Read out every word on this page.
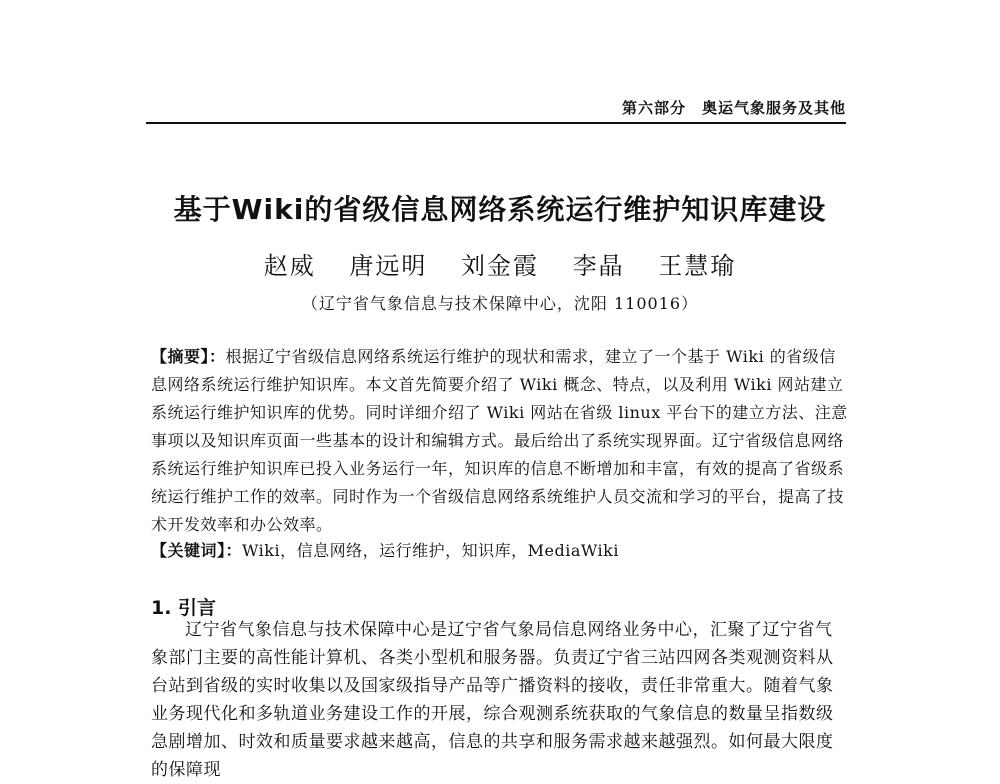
第六部分 奥运气象服务及其他
基于Wiki的省级信息网络系统运行维护知识库建设
赵威 唐远明 刘金霞 李晶 王慧瑜
（辽宁省气象信息与技术保障中心，沈阳 110016）
【摘要】：根据辽宁省级信息网络系统运行维护的现状和需求，建立了一个基于 Wiki 的省级信息网络系统运行维护知识库。本文首先简要介绍了 Wiki 概念、特点，以及利用 Wiki 网站建立系统运行维护知识库的优势。同时详细介绍了 Wiki 网站在省级 linux 平台下的建立方法、注意事项以及知识库页面一些基本的设计和编辑方式。最后给出了系统实现界面。辽宁省级信息网络系统运行维护知识库已投入业务运行一年，知识库的信息不断增加和丰富，有效的提高了省级系统运行维护工作的效率。同时作为一个省级信息网络系统维护人员交流和学习的平台，提高了技术开发效率和办公效率。
【关键词】：Wiki，信息网络，运行维护，知识库，MediaWiki
1. 引言
辽宁省气象信息与技术保障中心是辽宁省气象局信息网络业务中心，汇聚了辽宁省气象部门主要的高性能计算机、各类小型机和服务器。负责辽宁省三站四网各类观测资料从台站到省级的实时收集以及国家级指导产品等广播资料的接收，责任非常重大。随着气象业务现代化和多轨道业务建设工作的开展，综合观测系统获取的气象信息的数量呈指数级急剧增加、时效和质量要求越来越高，信息的共享和服务需求越来越强烈。如何最大限度的保障现
